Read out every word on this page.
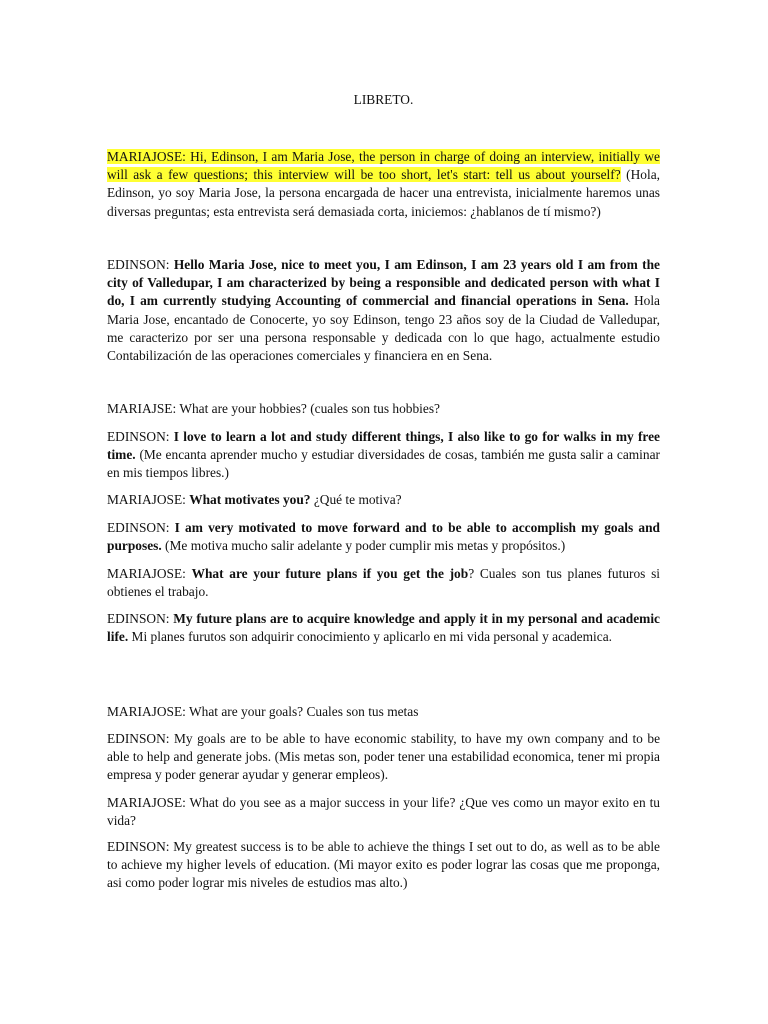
LIBRETO.

MARIAJOSE: Hi, Edinson, I am Maria Jose, the person in charge of doing an interview, initially we will ask a few questions; this interview will be too short, let's start: tell us about yourself? (Hola, Edinson, yo soy Maria Jose, la persona encargada de hacer una entrevista, inicialmente haremos unas diversas preguntas; esta entrevista será demasiada corta, iniciemos: ¿hablanos de tí mismo?)

EDINSON: Hello Maria Jose, nice to meet you, I am Edinson, I am 23 years old I am from the city of Valledupar, I am characterized by being a responsible and dedicated person with what I do, I am currently studying Accounting of commercial and financial operations in Sena. Hola Maria Jose, encantado de Conocerte, yo soy Edinson, tengo 23 años soy de la Ciudad de Valledupar, me caracterizo por ser una persona responsable y dedicada con lo que hago, actualmente estudio Contabilización de las operaciones comerciales y financiera en en Sena.

MARIAJSE: What are your hobbies? (cuales son tus hobbies?

EDINSON: I love to learn a lot and study different things, I also like to go for walks in my free time. (Me encanta aprender mucho y estudiar diversidades de cosas, también me gusta salir a caminar en mis tiempos libres.)

MARIAJOSE: What motivates you? ¿Qué te motiva?

EDINSON: I am very motivated to move forward and to be able to accomplish my goals and purposes. (Me motiva mucho salir adelante y poder cumplir mis metas y propósitos.)

MARIAJOSE: What are your future plans if you get the job? Cuales son tus planes futuros si obtienes el trabajo.

EDINSON: My future plans are to acquire knowledge and apply it in my personal and academic life. Mi planes furutos son adquirir conocimiento y aplicarlo en mi vida personal y academica.

MARIAJOSE: What are your goals? Cuales son tus metas

EDINSON: My goals are to be able to have economic stability, to have my own company and to be able to help and generate jobs. (Mis metas son, poder tener una estabilidad economica, tener mi propia empresa y poder generar ayudar y generar empleos).

MARIAJOSE: What do you see as a major success in your life? ¿Que ves como un mayor exito en tu vida?

EDINSON: My greatest success is to be able to achieve the things I set out to do, as well as to be able to achieve my higher levels of education. (Mi mayor exito es poder lograr las cosas que me proponga, asi como poder lograr mis niveles de estudios mas alto.)
